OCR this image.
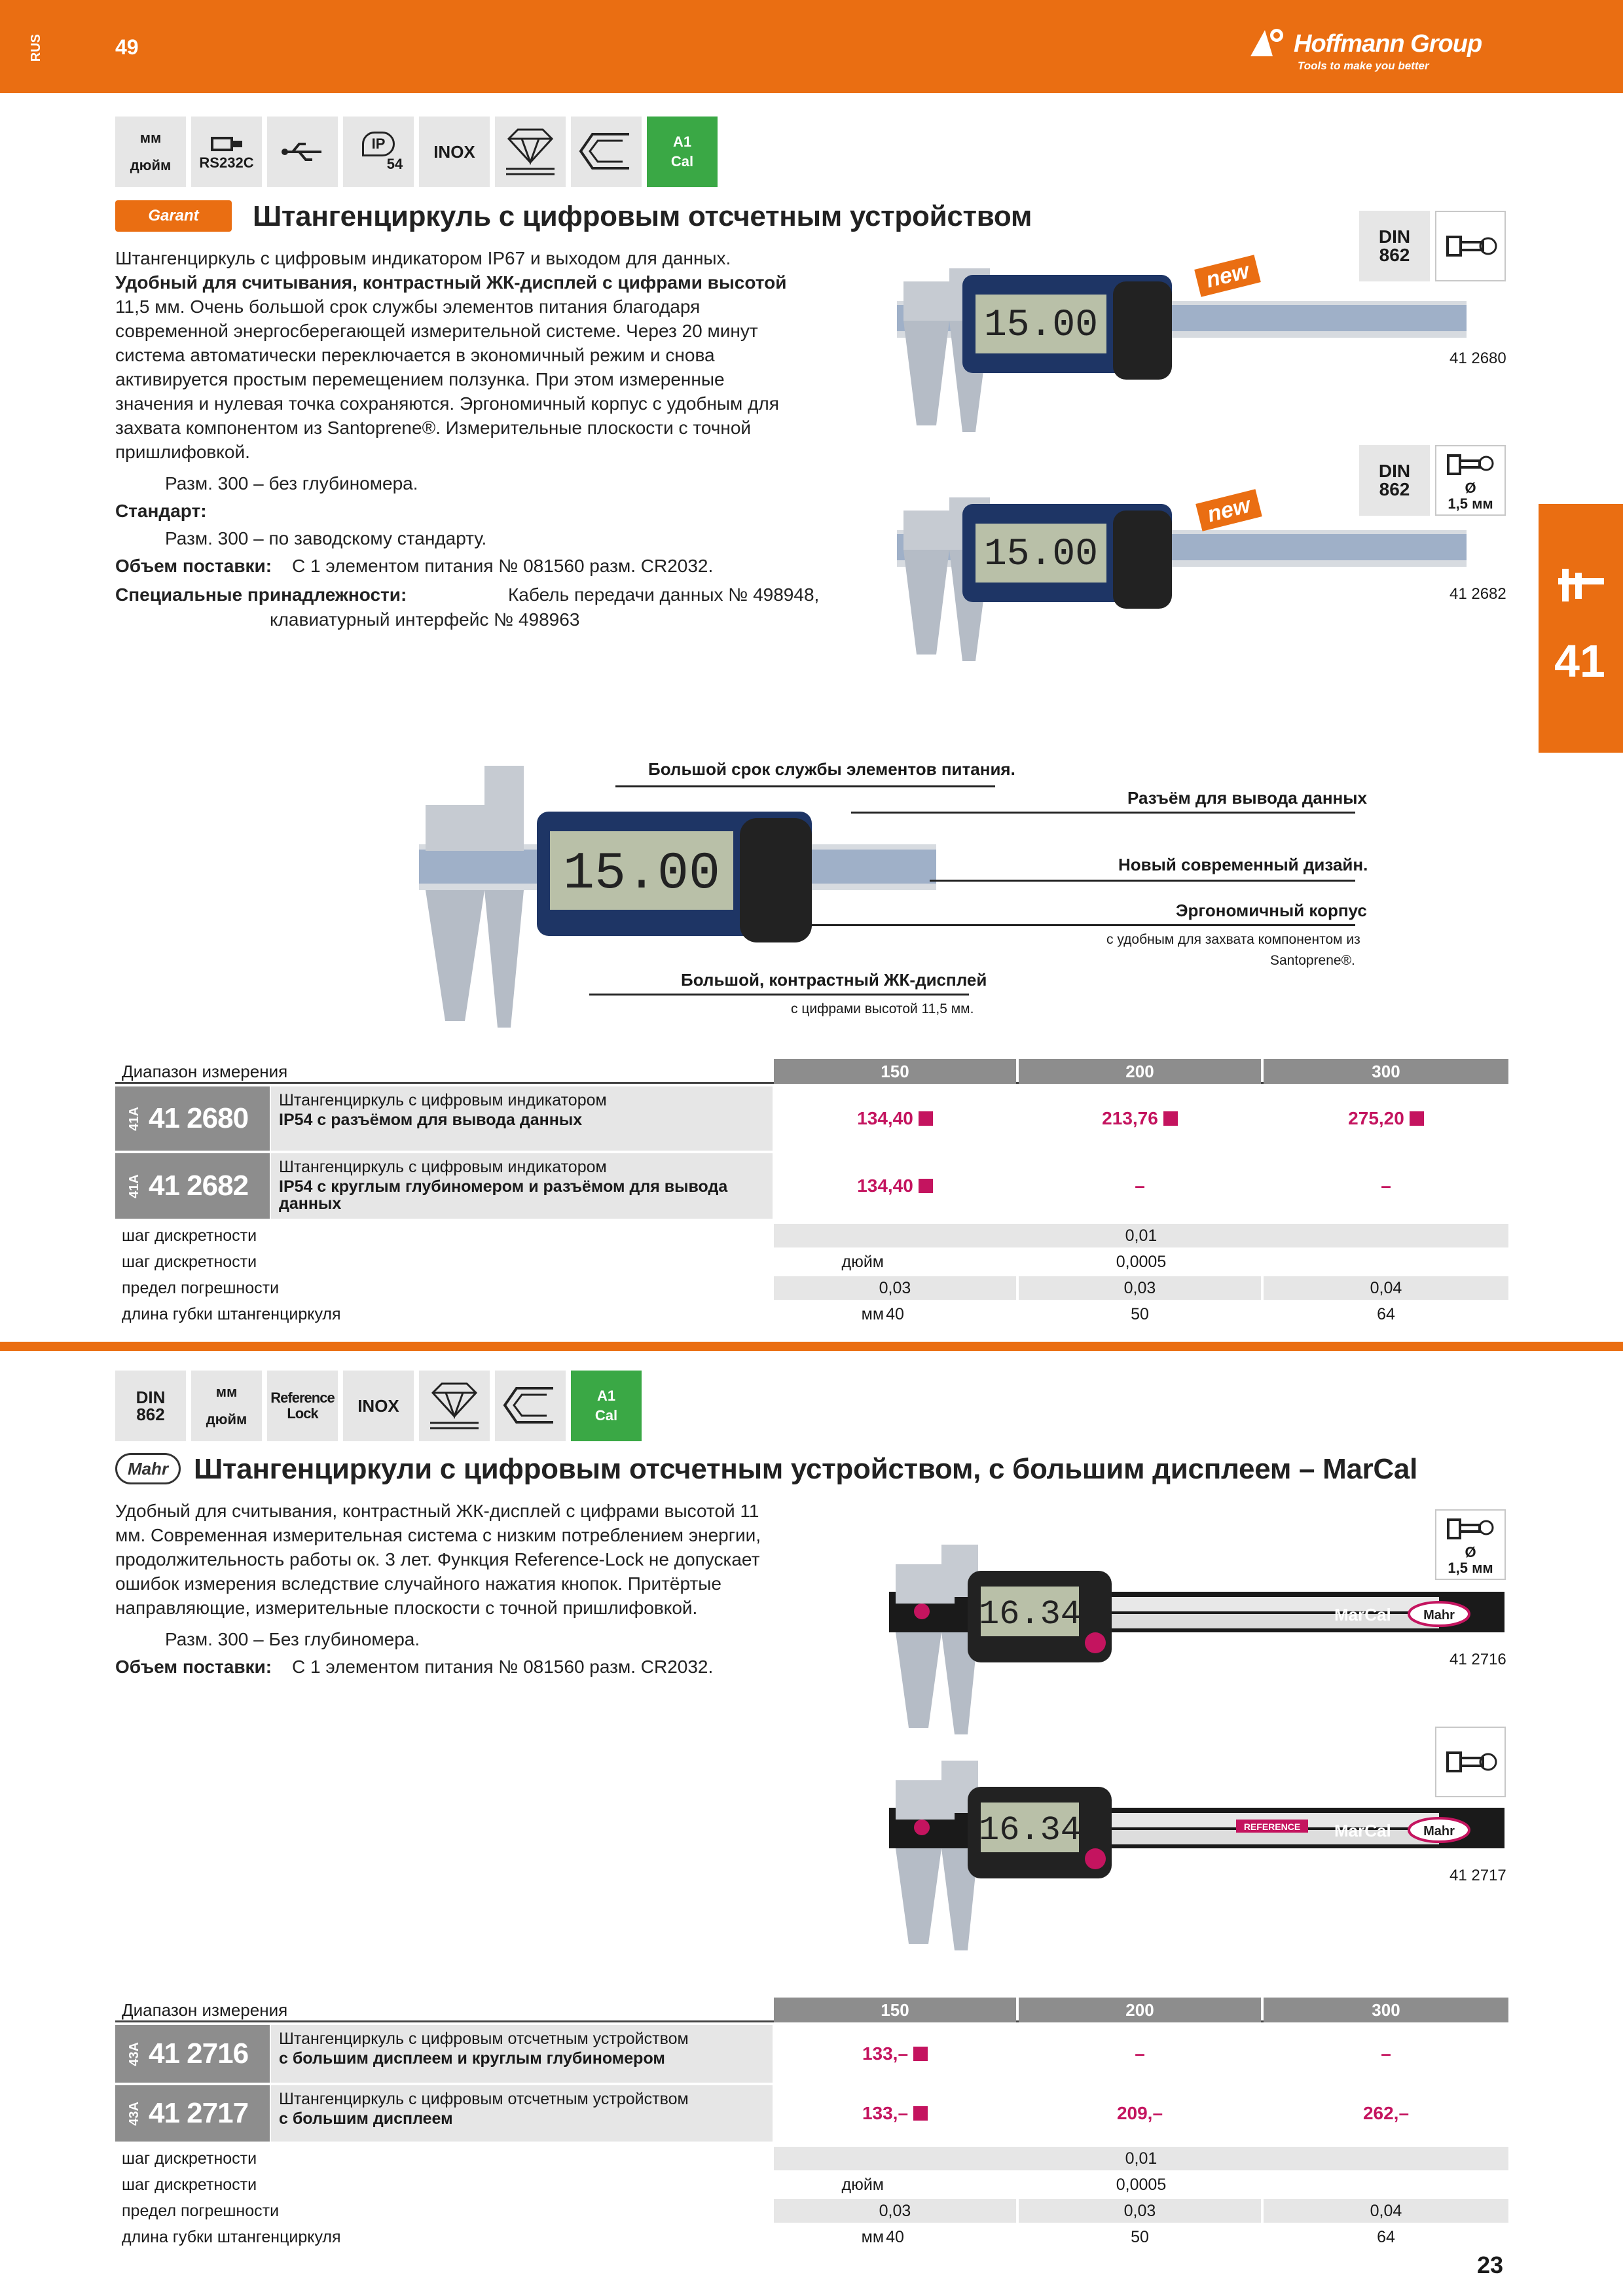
RUS	49	Hoffmann Group
Tools to make you better
41
мм
дюйм RS232C
IP
54
INOX
A1
Cal
Garant	Штангенциркуль с цифровым отсчетным устройством
Штангенциркуль с цифровым индикатором IP67 и выходом для данных.
Удобный для считывания, контрастный ЖК-дисплей с цифрами высотой
11,5 мм. Очень большой срок службы элементов питания благодаря
современной энергосберегающей измерительной системе. Через 20 минут
система автоматически переключается в экономичный режим и снова
активируется простым перемещением ползунка. При этом измеренные
значения и нулевая точка сохраняются. Эргономичный корпус с удобным для
захвата компонентом из Santoprene®. Измерительные плоскости с точной
пришлифовкой.
Разм. 300 – без глубиномера.
Стандарт:
Разм. 300 – по заводскому стандарту.
Объем поставки: С 1 элементом питания № 081560 разм. CR2032.
Специальные принадлежности:	Кабель передачи данных № 498948,
клавиатурный интерфейс № 498963
15.00
new
DIN
862
41 2680
15.00
new
DIN
862	Ø
1,5 мм
41 2682
15.00
Большой срок службы элементов питания.
Разъём для вывода данных
Новый современный дизайн.
Эргономичный корпус
с удобным для захвата компонентом из
Santoprene®.
Большой, контрастный ЖК-дисплей
с цифрами высотой 11,5 мм.
Диапазон измерения	150	200	300
41A 41 2680
Штангенциркуль с цифровым индикатором
IP54 с разъёмом для вывода данных	134,40	213,76	275,20
41A 41 2682
Штангенциркуль с цифровым индикатором
IP54 с круглым глубиномером и разъёмом для вывода
данных
134,40	–	–
шаг дискретности	0,01
шаг дискретности	дюйм	0,0005
предел погрешности	0,03	0,03	0,04
длина губки штангенциркуля	мм 40	50	64
DIN
862
мм
дюйм
Reference
Lock	INOX
A1
Cal
Mahr Штангенциркули с цифровым отсчетным устройством, с большим дисплеем – MarCal
Удобный для считывания, контрастный ЖК-дисплей с цифрами высотой 11
мм. Современная измерительная система с низким потреблением энергии,
продолжительность работы ок. 3 лет. Функция Reference-Lock не допускает
ошибок измерения вследствие случайного нажатия кнопок. Притёртые
направляющие, измерительные плоскости с точной пришлифовкой.
Разм. 300 – Без глубиномера.
Объем поставки: С 1 элементом питания № 081560 разм. CR2032.
16.34	MarCal Mahr
Ø
1,5 мм
41 2716
16.34	REFERENCE MarCal Mahr
41 2717
Диапазон измерения	150	200	300
43A 41 2716 Штангенциркуль с цифровым отсчетным устройством
с большим дисплеем и круглым глубиномером	133,–	–	–
43A 41 2717 Штангенциркуль с цифровым отсчетным устройством
с большим дисплеем	133,–	209,–	262,–
шаг дискретности	0,01
шаг дискретности	дюйм	0,0005
предел погрешности	0,03	0,03	0,04
длина губки штангенциркуля	мм 40	50	64
23
